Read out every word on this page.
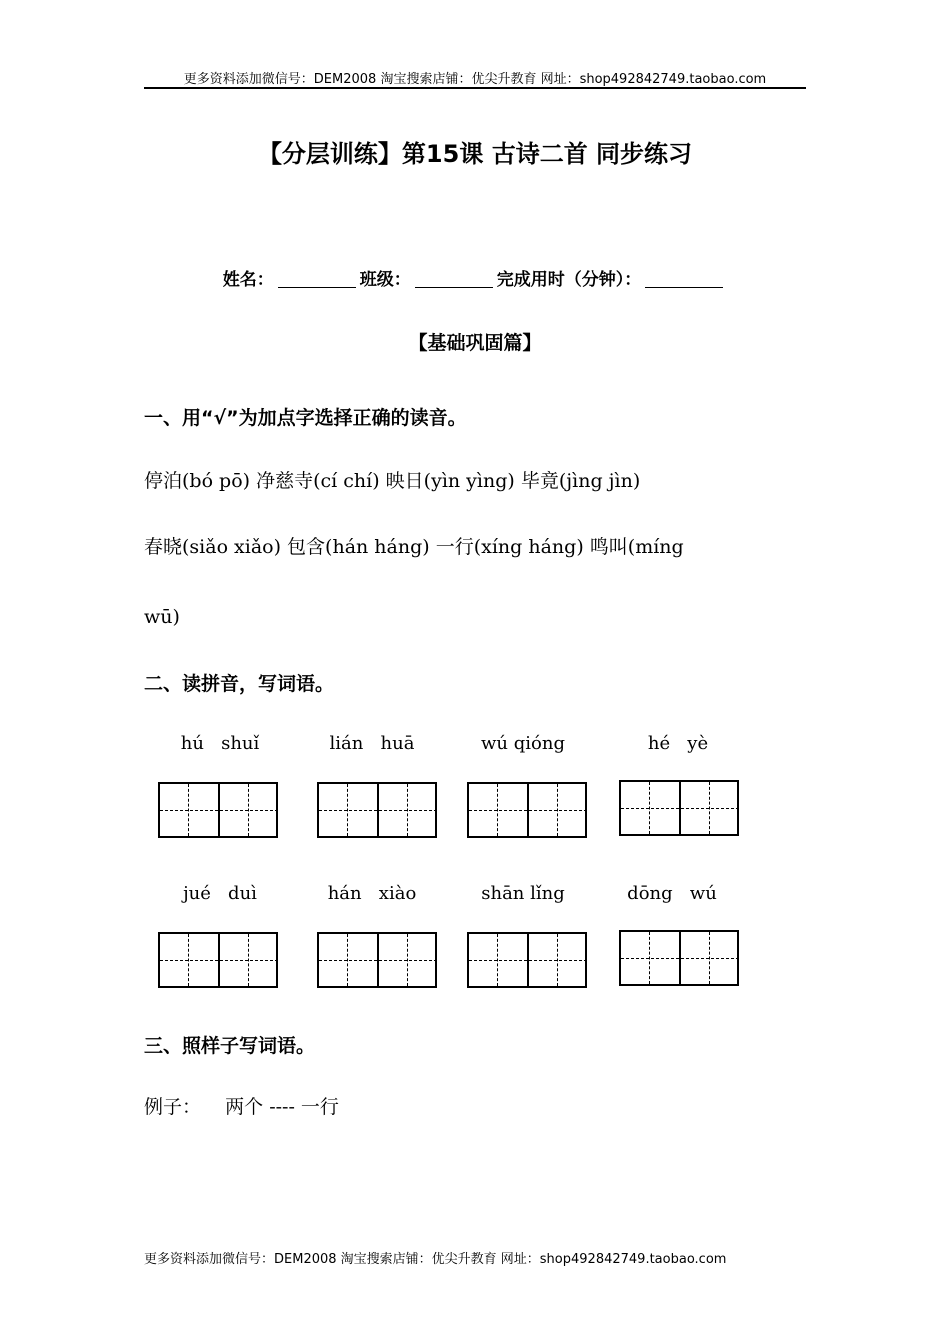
更多资料添加微信号：DEM2008 淘宝搜索店铺：优尖升教育 网址：shop492842749.taobao.com
【分层训练】第15课 古诗二首 同步练习
姓名：	班级：	完成用时（分钟）：
【基础巩固篇】
一、用“√”为加点字选择正确的读音。
停泊(bó pō) 净慈寺(cí chí) 映日(yìn yìng) 毕竟(jìng jìn)
春晓(siǎo xiǎo) 包含(hán háng) 一行(xíng háng) 鸣叫(míng
wū)
二、读拼音，写词语。
hú   shuǐ	lián   huā	wú qióng	hé   yè
jué   duì	hán   xiào	shān lǐng	dōng   wú
三、照样子写词语。
例子：    两个 ---- 一行
更多资料添加微信号：DEM2008 淘宝搜索店铺：优尖升教育 网址：shop492842749.taobao.com
